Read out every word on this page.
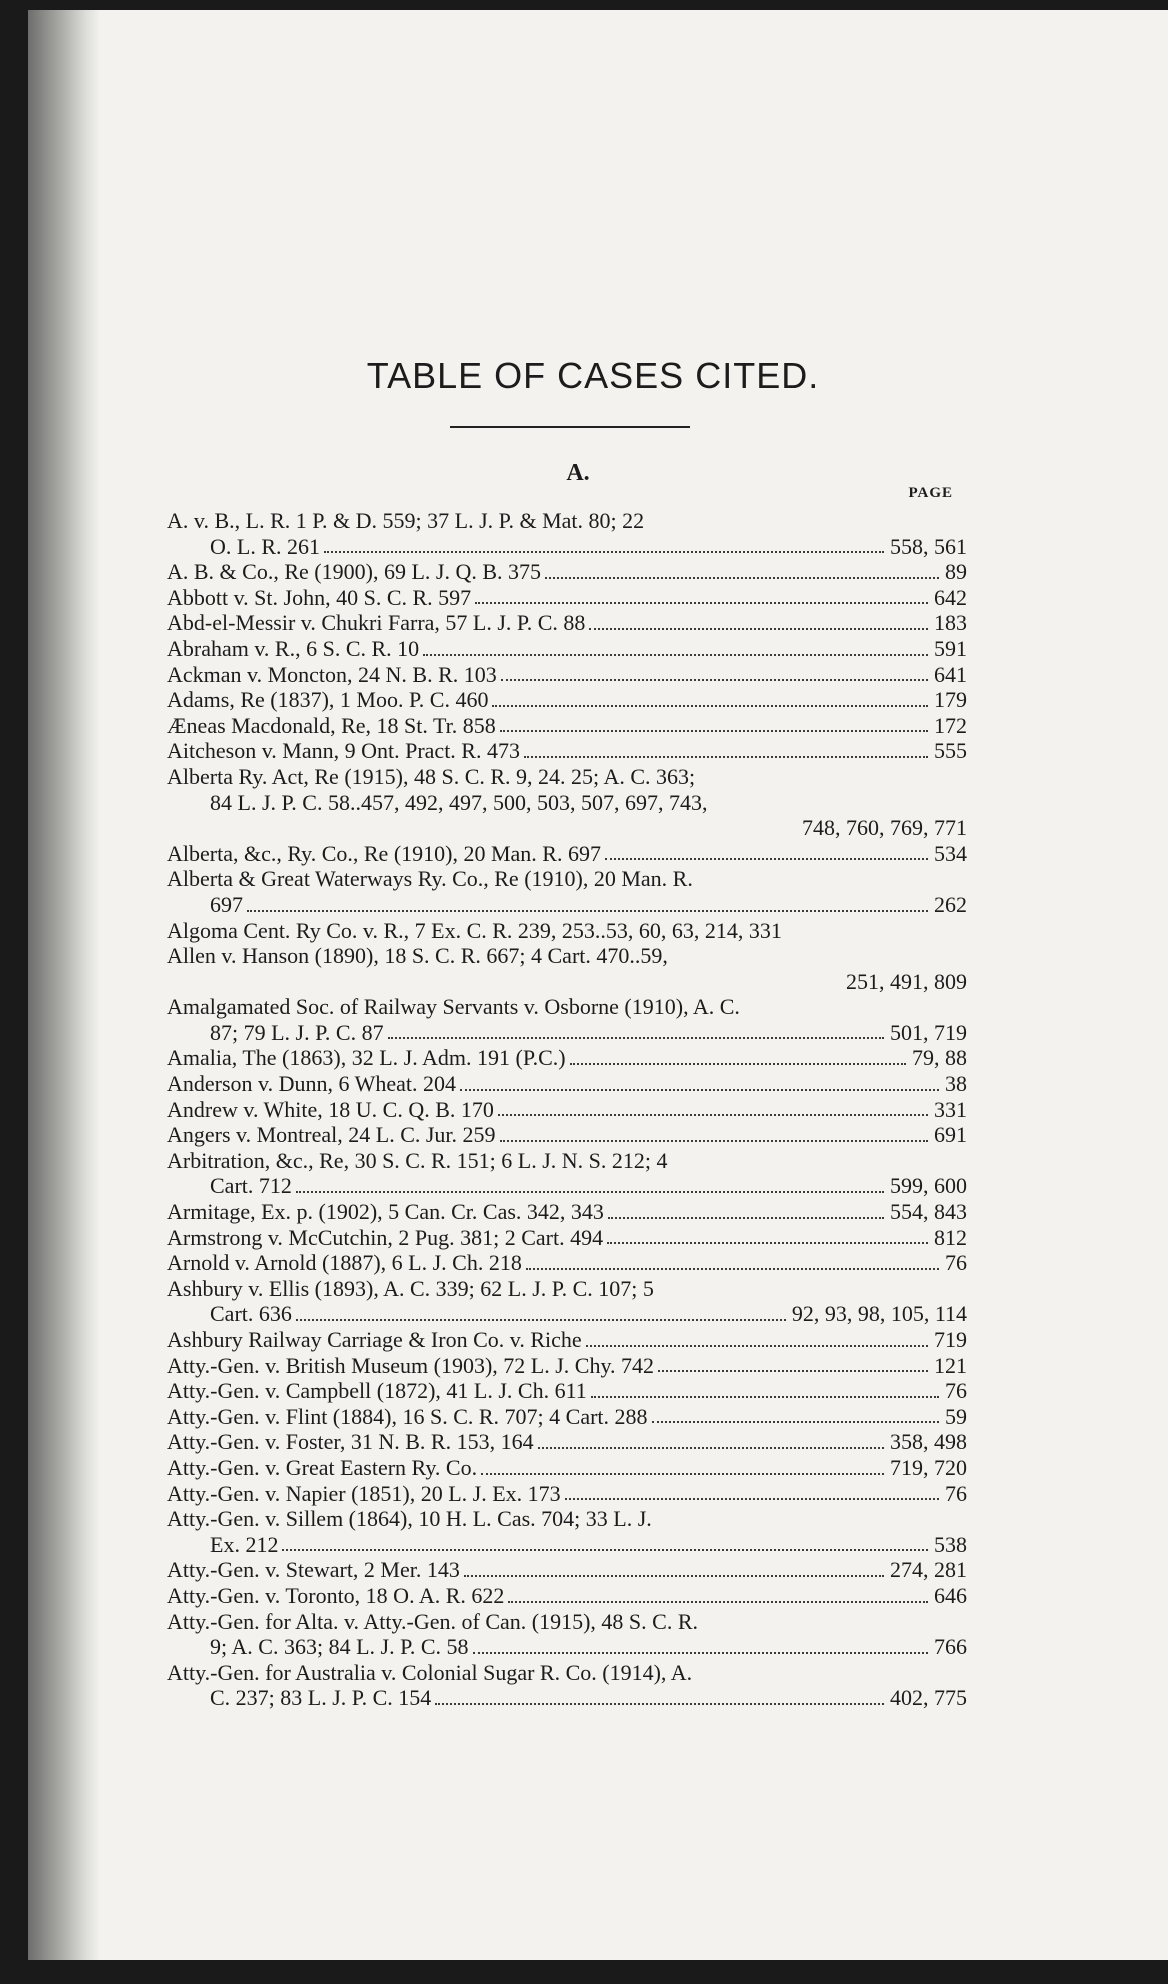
TABLE OF CASES CITED.
A.
PAGE
A. v. B., L. R. 1 P. & D. 559; 37 L. J. P. & Mat. 80; 22
O. L. R. 261	558, 561
A. B. & Co., Re (1900), 69 L. J. Q. B. 375	89
Abbott v. St. John, 40 S. C. R. 597	642
Abd-el-Messir v. Chukri Farra, 57 L. J. P. C. 88	183
Abraham v. R., 6 S. C. R. 10	591
Ackman v. Moncton, 24 N. B. R. 103	641
Adams, Re (1837), 1 Moo. P. C. 460	179
Æneas Macdonald, Re, 18 St. Tr. 858	172
Aitcheson v. Mann, 9 Ont. Pract. R. 473	555
Alberta Ry. Act, Re (1915), 48 S. C. R. 9, 24. 25; A. C. 363;
84 L. J. P. C. 58..457, 492, 497, 500, 503, 507, 697, 743,
748, 760, 769, 771
Alberta, &c., Ry. Co., Re (1910), 20 Man. R. 697	534
Alberta & Great Waterways Ry. Co., Re (1910), 20 Man. R.
697	262
Algoma Cent. Ry Co. v. R., 7 Ex. C. R. 239, 253..53, 60, 63, 214, 331
Allen v. Hanson (1890), 18 S. C. R. 667; 4 Cart. 470..59,
251, 491, 809
Amalgamated Soc. of Railway Servants v. Osborne (1910), A. C.
87; 79 L. J. P. C. 87	501, 719
Amalia, The (1863), 32 L. J. Adm. 191 (P.C.)	79, 88
Anderson v. Dunn, 6 Wheat. 204	38
Andrew v. White, 18 U. C. Q. B. 170	331
Angers v. Montreal, 24 L. C. Jur. 259	691
Arbitration, &c., Re, 30 S. C. R. 151; 6 L. J. N. S. 212; 4
Cart. 712	599, 600
Armitage, Ex. p. (1902), 5 Can. Cr. Cas. 342, 343	554, 843
Armstrong v. McCutchin, 2 Pug. 381; 2 Cart. 494	812
Arnold v. Arnold (1887), 6 L. J. Ch. 218	76
Ashbury v. Ellis (1893), A. C. 339; 62 L. J. P. C. 107; 5
Cart. 636	92, 93, 98, 105, 114
Ashbury Railway Carriage & Iron Co. v. Riche	719
Atty.-Gen. v. British Museum (1903), 72 L. J. Chy. 742	121
Atty.-Gen. v. Campbell (1872), 41 L. J. Ch. 611	76
Atty.-Gen. v. Flint (1884), 16 S. C. R. 707; 4 Cart. 288	59
Atty.-Gen. v. Foster, 31 N. B. R. 153, 164	358, 498
Atty.-Gen. v. Great Eastern Ry. Co.	719, 720
Atty.-Gen. v. Napier (1851), 20 L. J. Ex. 173	76
Atty.-Gen. v. Sillem (1864), 10 H. L. Cas. 704; 33 L. J.
Ex. 212	538
Atty.-Gen. v. Stewart, 2 Mer. 143	274, 281
Atty.-Gen. v. Toronto, 18 O. A. R. 622	646
Atty.-Gen. for Alta. v. Atty.-Gen. of Can. (1915), 48 S. C. R.
9; A. C. 363; 84 L. J. P. C. 58	766
Atty.-Gen. for Australia v. Colonial Sugar R. Co. (1914), A.
C. 237; 83 L. J. P. C. 154	402, 775
